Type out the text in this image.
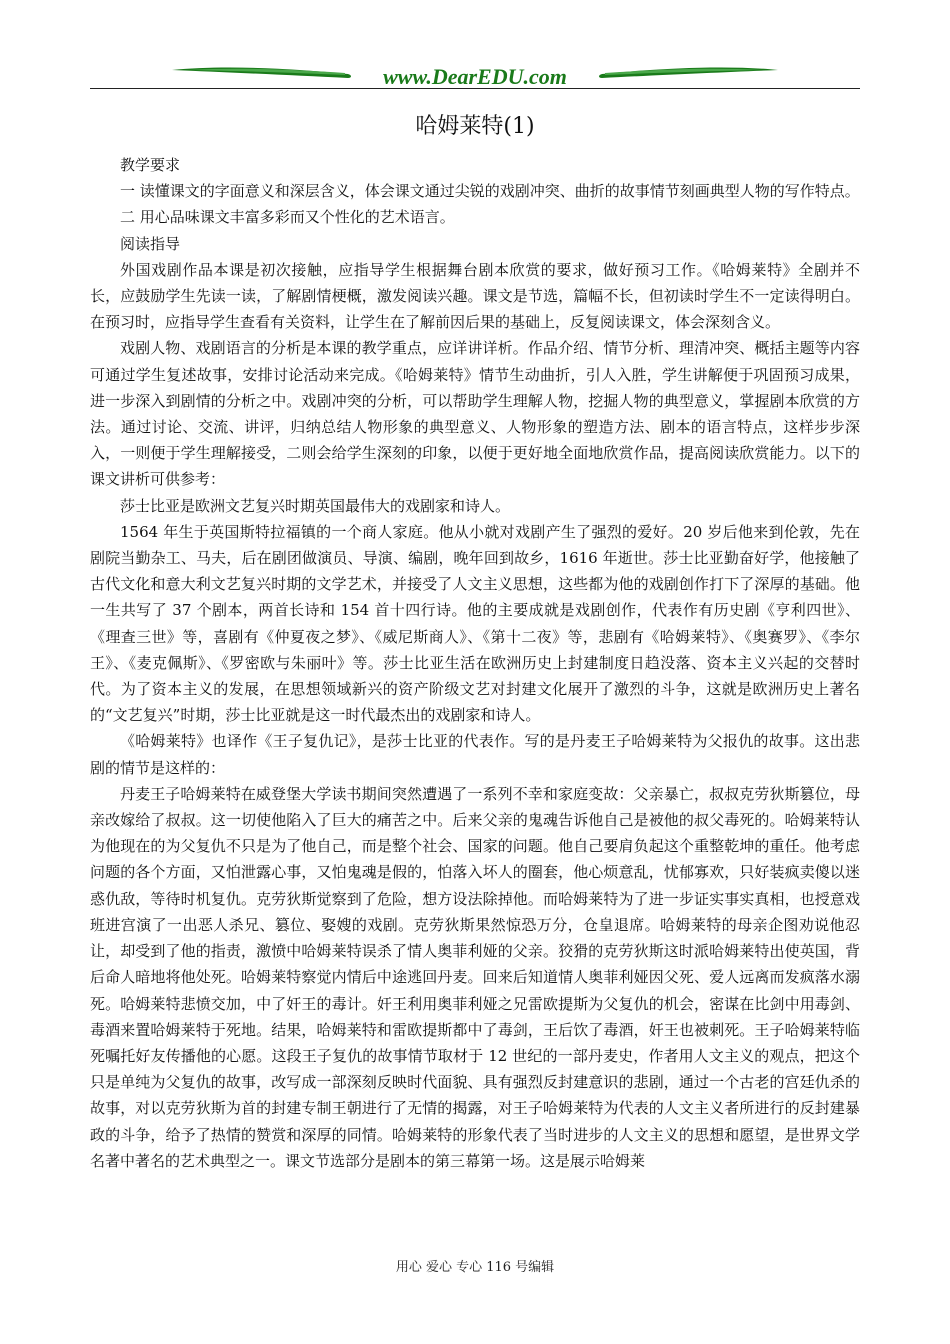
www.DearEDU.com
哈姆莱特(1)

教学要求

一 读懂课文的字面意义和深层含义，体会课文通过尖锐的戏剧冲突、曲折的故事情节刻画典型人物的写作特点。

二 用心品味课文丰富多彩而又个性化的艺术语言。

阅读指导

外国戏剧作品本课是初次接触，应指导学生根据舞台剧本欣赏的要求，做好预习工作。《哈姆莱特》全剧并不长，应鼓励学生先读一读，了解剧情梗概，激发阅读兴趣。课文是节选，篇幅不长，但初读时学生不一定读得明白。在预习时，应指导学生查看有关资料，让学生在了解前因后果的基础上，反复阅读课文，体会深刻含义。

戏剧人物、戏剧语言的分析是本课的教学重点，应详讲详析。作品介绍、情节分析、理清冲突、概括主题等内容可通过学生复述故事，安排讨论活动来完成。《哈姆莱特》情节生动曲折，引人入胜，学生讲解便于巩固预习成果，进一步深入到剧情的分析之中。戏剧冲突的分析，可以帮助学生理解人物，挖掘人物的典型意义，掌握剧本欣赏的方法。通过讨论、交流、讲评，归纳总结人物形象的典型意义、人物形象的塑造方法、剧本的语言特点，这样步步深入，一则便于学生理解接受，二则会给学生深刻的印象，以便于更好地全面地欣赏作品，提高阅读欣赏能力。以下的课文讲析可供参考：

莎士比亚是欧洲文艺复兴时期英国最伟大的戏剧家和诗人。

1564 年生于英国斯特拉福镇的一个商人家庭。他从小就对戏剧产生了强烈的爱好。20 岁后他来到伦敦，先在剧院当勤杂工、马夫，后在剧团做演员、导演、编剧，晚年回到故乡，1616 年逝世。莎士比亚勤奋好学，他接触了古代文化和意大利文艺复兴时期的文学艺术，并接受了人文主义思想，这些都为他的戏剧创作打下了深厚的基础。他一生共写了 37 个剧本，两首长诗和 154 首十四行诗。他的主要成就是戏剧创作，代表作有历史剧《亨利四世》、《理查三世》等，喜剧有《仲夏夜之梦》、《威尼斯商人》、《第十二夜》等，悲剧有《哈姆莱特》、《奥赛罗》、《李尔王》、《麦克佩斯》、《罗密欧与朱丽叶》等。莎士比亚生活在欧洲历史上封建制度日趋没落、资本主义兴起的交替时代。为了资本主义的发展，在思想领域新兴的资产阶级文艺对封建文化展开了激烈的斗争，这就是欧洲历史上著名的“文艺复兴”时期，莎士比亚就是这一时代最杰出的戏剧家和诗人。

《哈姆莱特》也译作《王子复仇记》，是莎士比亚的代表作。写的是丹麦王子哈姆莱特为父报仇的故事。这出悲剧的情节是这样的：

丹麦王子哈姆莱特在威登堡大学读书期间突然遭遇了一系列不幸和家庭变故：父亲暴亡，叔叔克劳狄斯篡位，母亲改嫁给了叔叔。这一切使他陷入了巨大的痛苦之中。后来父亲的鬼魂告诉他自己是被他的叔父毒死的。哈姆莱特认为他现在的为父复仇不只是为了他自己，而是整个社会、国家的问题。他自己要肩负起这个重整乾坤的重任。他考虑问题的各个方面，又怕泄露心事，又怕鬼魂是假的，怕落入坏人的圈套，他心烦意乱，忧郁寡欢，只好装疯卖傻以迷惑仇敌，等待时机复仇。克劳狄斯觉察到了危险，想方设法除掉他。而哈姆莱特为了进一步证实事实真相，也授意戏班进宫演了一出恶人杀兄、篡位、娶嫂的戏剧。克劳狄斯果然惊恐万分，仓皇退席。哈姆莱特的母亲企图劝说他忍让，却受到了他的指责，激愤中哈姆莱特误杀了情人奥菲利娅的父亲。狡猾的克劳狄斯这时派哈姆莱特出使英国，背后命人暗地将他处死。哈姆莱特察觉内情后中途逃回丹麦。回来后知道情人奥菲利娅因父死、爱人远离而发疯落水溺死。哈姆莱特悲愤交加，中了奸王的毒计。奸王利用奥菲利娅之兄雷欧提斯为父复仇的机会，密谋在比剑中用毒剑、毒酒来置哈姆莱特于死地。结果，哈姆莱特和雷欧提斯都中了毒剑，王后饮了毒酒，奸王也被刺死。王子哈姆莱特临死嘱托好友传播他的心愿。这段王子复仇的故事情节取材于 12 世纪的一部丹麦史，作者用人文主义的观点，把这个只是单纯为父复仇的故事，改写成一部深刻反映时代面貌、具有强烈反封建意识的悲剧，通过一个古老的宫廷仇杀的故事，对以克劳狄斯为首的封建专制王朝进行了无情的揭露，对王子哈姆莱特为代表的人文主义者所进行的反封建暴政的斗争，给予了热情的赞赏和深厚的同情。哈姆莱特的形象代表了当时进步的人文主义的思想和愿望，是世界文学名著中著名的艺术典型之一。课文节选部分是剧本的第三幕第一场。这是展示哈姆莱

用心 爱心 专心 116 号编辑
